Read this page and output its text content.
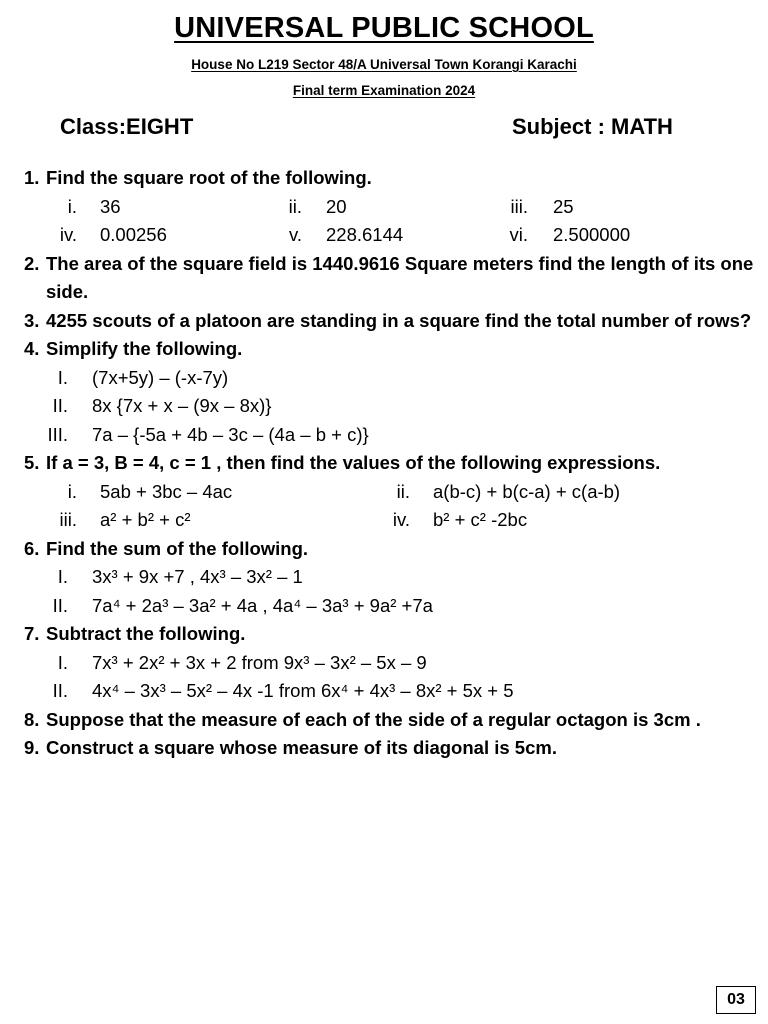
UNIVERSAL PUBLIC SCHOOL
House No L219 Sector 48/A Universal Town Korangi Karachi
Final term Examination 2024
Class:EIGHT	Subject : MATH
1. Find the square root of the following.
i. 36	ii. 20	iii. 25
iv. 0.00256	v. 228.6144	vi. 2.500000
2. The area of the square field is 1440.9616 Square meters find the length of its one side.
3. 4255 scouts of a platoon are standing in a square find the total number of rows?
4. Simplify the following.
I. (7x+5y) – (-x-7y)
II. 8x {7x + x – (9x – 8x)}
III. 7a – {-5a + 4b – 3c – (4a – b + c)}
5. If a = 3, B = 4, c = 1 , then find the values of the following expressions.
i. 5ab + 3bc – 4ac	ii. a(b-c) + b(c-a) + c(a-b)
iii. a² + b² + c²	iv. b² + c² -2bc
6. Find the sum of the following.
I. 3x³ + 9x +7 , 4x³ – 3x² – 1
II. 7a⁴ + 2a³ – 3a² + 4a , 4a⁴ – 3a³ + 9a² +7a
7. Subtract the following.
I. 7x³ + 2x² + 3x + 2 from 9x³ – 3x² – 5x – 9
II. 4x⁴ – 3x³ – 5x² – 4x -1 from 6x⁴ + 4x³ – 8x² + 5x + 5
8. Suppose that the measure of each of the side of a regular octagon is 3cm .
9. Construct a square whose measure of its diagonal is 5cm.
03
